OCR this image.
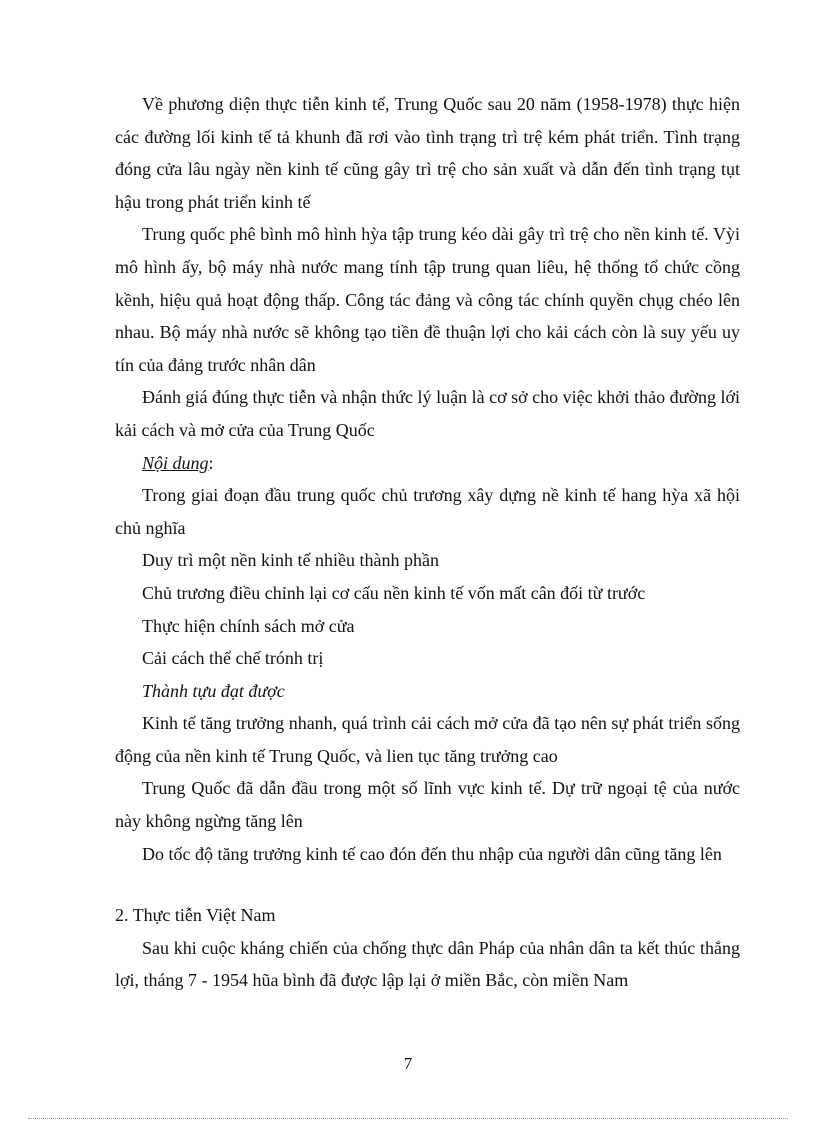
Về phương diện thực tiễn kinh tế, Trung Quốc sau 20 năm (1958-1978) thực hiện các đường lối kinh tế tả khunh đã rơi vào tình trạng trì trệ kém phát triển. Tình trạng đóng cửa lâu ngày nền kinh tế cũng gây trì trệ cho sản xuất và dẫn đến tình trạng tụt hậu trong phát triển kinh tế

Trung quốc phê bình mô hình hỳa tập trung kéo dài gây trì trệ cho nền kinh tế. Vỳi mô hình ấy, bộ máy nhà nước mang tính tập trung quan liêu, hệ thống tổ chức cồng kềnh, hiệu quả hoạt động thấp. Công tác đảng và công tác chính quyền chụg chéo lên nhau. Bộ máy nhà nước sẽ không tạo tiền đề thuận lợi cho kải cách còn là suy yếu uy tín của đảng trước nhân dân

Đánh giá đúng thực tiễn và nhận thức lý luận là cơ sở cho việc khởi thảo đường lới kải cách và mở cửa của Trung Quốc

Nội dung:

Trong giai đoạn đầu trung quốc chủ trương xây dựng nề kinh tế hang hỳa xã hội chủ nghĩa

Duy trì một nền kinh tế nhiều thành phần

Chủ trương điều chỉnh lại cơ cấu nền kinh tế vốn mất cân đối từ trước

Thực hiện chính sách mở cửa

Cải cách thể chế trónh trị

Thành tựu đạt được

Kinh tế tăng trưởng nhanh, quá trình cải cách mở cửa đã tạo nên sự phát triển sống động của nền kinh tế Trung Quốc, và lien tục tăng trưởng cao

Trung Quốc đã dẫn đầu trong một số lĩnh vực kinh tế. Dự trữ ngoại tệ của nước này không ngừng tăng lên

Do tốc độ tăng trưởng kinh tế cao đón đến thu nhập của người dân cũng tăng lên

2. Thực tiễn Việt Nam

Sau khi cuộc kháng chiến của chống thực dân Pháp của nhân dân ta kết thúc thắng lợi, tháng 7 - 1954 hũa bình đã được lập lại ở miền Bắc, còn miền Nam

7
